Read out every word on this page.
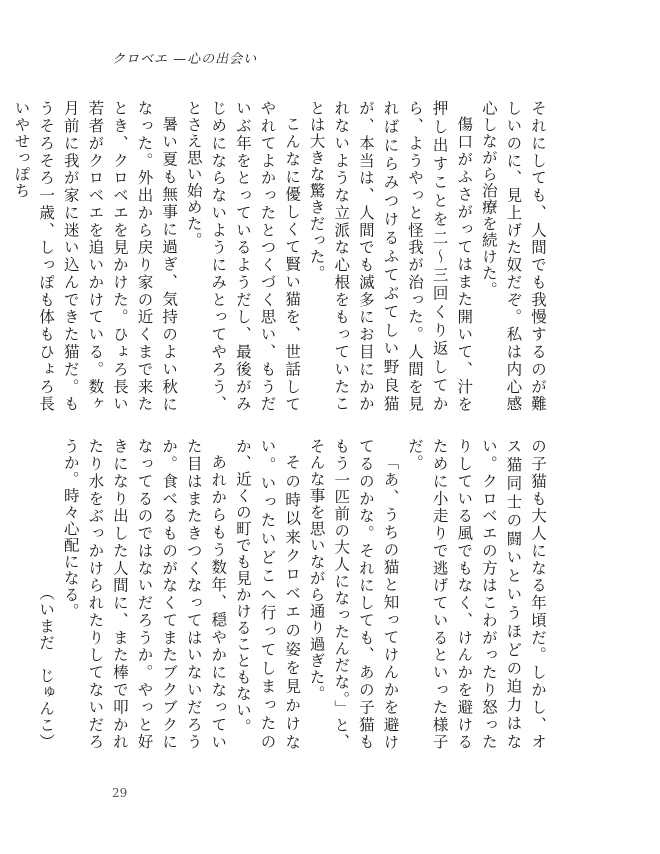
クロベエ —心の出会い

それにしても、人間でも我慢するのが難しいのに、見上げた奴だぞ。私は内心感心しながら治療を続けた。

傷口がふさがってはまた開いて、汁を押し出すことを二〜三回くり返してから、ようやっと怪我が治った。人間を見ればにらみつけるふてぶてしい野良猫が、本当は、人間でも滅多にお目にかかれないような立派な心根をもっていたことは大きな驚きだった。

こんなに優しくて賢い猫を、世話してやれてよかったとつくづく思い、もうだいぶ年をとっているようだし、最後がみじめにならないようにみとってやろう、とさえ思い始めた。

暑い夏も無事に過ぎ、気持のよい秋になった。外出から戻り家の近くまで来たとき、クロベエを見かけた。ひょろ長い若者がクロベエを追いかけている。数ヶ月前に我が家に迷い込んできた猫だ。もうそろそろ一歳、しっぽも体もひょろ長いやせっぽち

の子猫も大人になる年頃だ。しかし、オス猫同士の闘いというほどの迫力はない。クロベエの方はこわがったり怒ったりしている風でもなく、けんかを避けるために小走りで逃げているといった様子だ。

「あ、うちの猫と知ってけんかを避けてるのかな。それにしても、あの子猫ももう一匹前の大人になったんだな。」と、そんな事を思いながら通り過ぎた。

その時以来クロベエの姿を見かけない。いったいどこへ行ってしまったのか、近くの町でも見かけることもない。

あれからもう数年、穏やかになっていた目はまたきつくなってはいないだろうか。食べるものがなくてまたブクブクになってるのではないだろうか。やっと好きになり出した人間に、また棒で叩かれたり水をぶっかけられたりしてないだろうか。時々心配になる。

（いまだ　じゅんこ）

29
